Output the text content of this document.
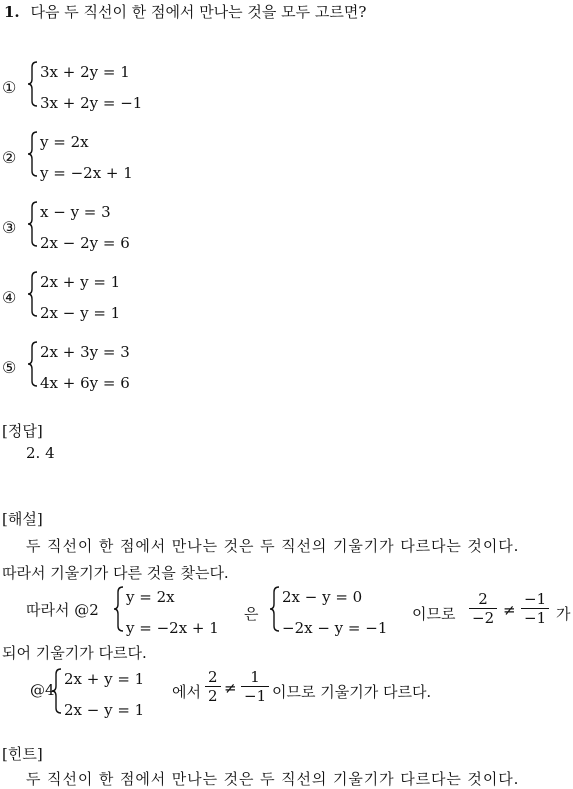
1. 다음 두 직선이 한 점에서 만나는 것을 모두 고르면?
①
3x + 2y = 1
3x + 2y = −1
②
y = 2x
y = −2x + 1
③
x − y = 3
2x − 2y = 6
④
2x + y = 1
2x − y = 1
⑤
2x + 3y = 3
4x + 6y = 6
[정답]
2. 4
[해설]
두 직선이 한 점에서 만나는 것은 두 직선의 기울기가 다르다는 것이다.
따라서 기울기가 다른 것을 찾는다.
따라서 @2
y = 2x
y = −2x + 1
은
2x − y = 0
−2x − y = −1
이므로 $\frac{2}{-2} \ne \frac{-1}{-1}$ 가
되어 기울기가 다르다.
@4
2x + y = 1
2x − y = 1
에서 $\frac{2}{2} \ne \frac{1}{-1}$ 이므로 기울기가 다르다.
[힌트]
두 직선이 한 점에서 만나는 것은 두 직선의 기울기가 다르다는 것이다.
